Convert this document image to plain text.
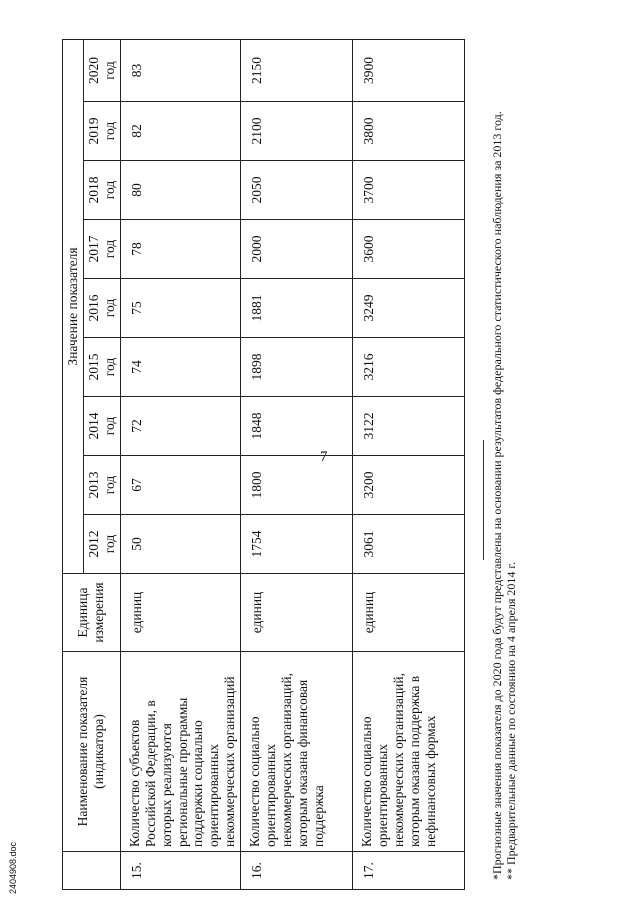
7
	Наименование показателя (индикатора)	Единица измерения	Значение показателя								

			2012 год	2013 год	2014 год	2015 год	2016 год	2017 год	2018 год	2019 год	2020 год

15.	Количество субъектов Российской Федерации, в которых реализуются региональные программы поддержки социально ориентированных некоммерческих организаций	единиц	50	67	72	74	75	78	80	82	83
16.	Количество социально ориентированных некоммерческих организаций, которым оказана финансовая поддержка	единиц	1754	1800	1848	1898	1881	2000	2050	2100	2150
17.	Количество социально ориентированных некоммерческих организаций, которым оказана поддержка в нефинансовых формах	единиц	3061	3200	3122	3216	3249	3600	3700	3800	3900
*Прогнозные значения показателя до 2020 года будут представлены на основании результатов федерального статистического наблюдения за 2013 год. ** Предварительные данные по состоянию на 4 апреля 2014 г.
2404908.doc
